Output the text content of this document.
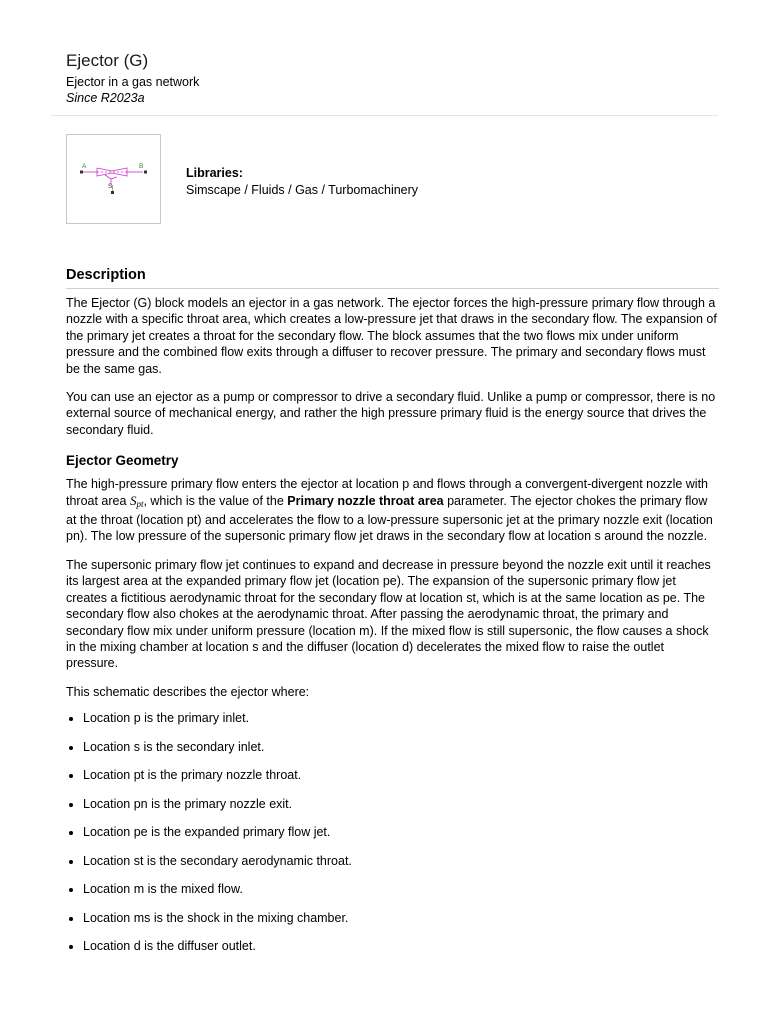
Ejector (G)
Ejector in a gas network
Since R2023a
A	B
S
Libraries:
Simscape / Fluids / Gas / Turbomachinery
Description

The Ejector (G) block models an ejector in a gas network. The ejector forces the high-pressure primary flow through a nozzle with a specific throat area, which creates a low-pressure jet that draws in the secondary flow. The expansion of the primary jet creates a throat for the secondary flow. The block assumes that the two flows mix under uniform pressure and the combined flow exits through a diffuser to recover pressure. The primary and secondary flows must be the same gas.

You can use an ejector as a pump or compressor to drive a secondary fluid. Unlike a pump or compressor, there is no external source of mechanical energy, and rather the high pressure primary fluid is the energy source that drives the secondary fluid.

Ejector Geometry

The high-pressure primary flow enters the ejector at location p and flows through a convergent-divergent nozzle with throat area $S_{pt}$, which is the value of the Primary nozzle throat area parameter. The ejector chokes the primary flow at the throat (location pt) and accelerates the flow to a low-pressure supersonic jet at the primary nozzle exit (location pn). The low pressure of the supersonic primary flow jet draws in the secondary flow at location s around the nozzle.

The supersonic primary flow jet continues to expand and decrease in pressure beyond the nozzle exit until it reaches its largest area at the expanded primary flow jet (location pe). The expansion of the supersonic primary flow jet creates a fictitious aerodynamic throat for the secondary flow at location st, which is at the same location as pe. The secondary flow also chokes at the aerodynamic throat. After passing the aerodynamic throat, the primary and secondary flow mix under uniform pressure (location m). If the mixed flow is still supersonic, the flow causes a shock in the mixing chamber at location s and the diffuser (location d) decelerates the mixed flow to raise the outlet pressure.

This schematic describes the ejector where:

• Location p is the primary inlet.
• Location s is the secondary inlet.
• Location pt is the primary nozzle throat.
• Location pn is the primary nozzle exit.
• Location pe is the expanded primary flow jet.
• Location st is the secondary aerodynamic throat.
• Location m is the mixed flow.
• Location ms is the shock in the mixing chamber.
• Location d is the diffuser outlet.
